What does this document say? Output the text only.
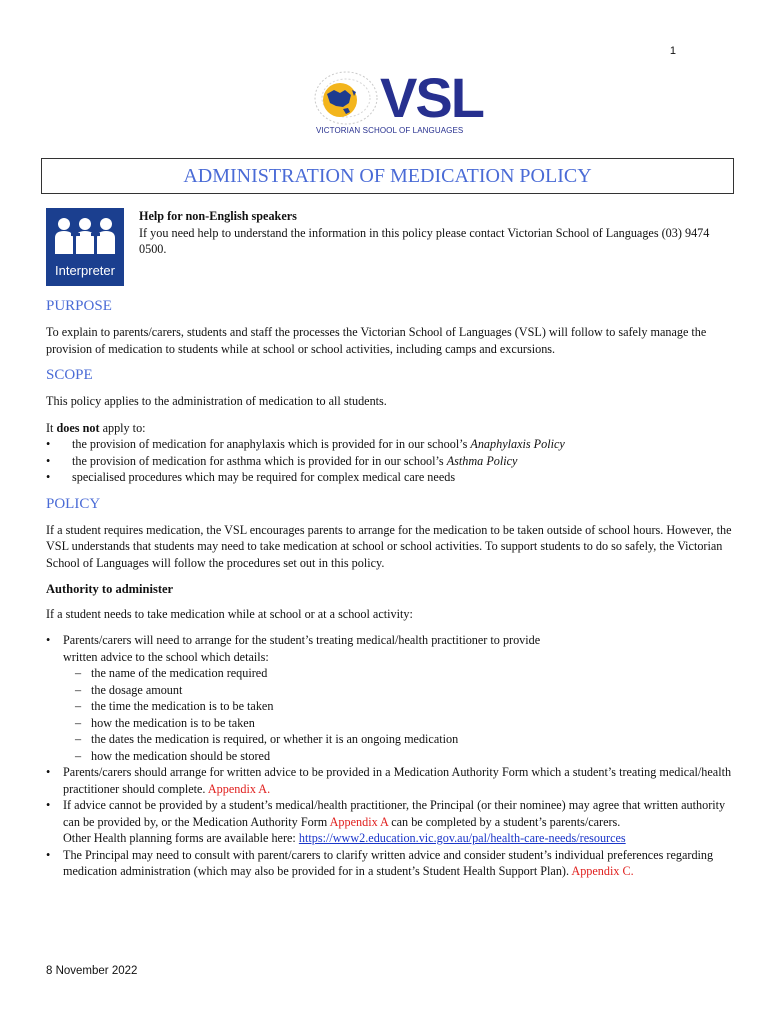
1
VSL
VICTORIAN SCHOOL OF LANGUAGES
ADMINISTRATION OF MEDICATION POLICY
Interpreter

Help for non-English speakers

If you need help to understand the information in this policy please contact Victorian School of Languages (03) 9474 0500.

PURPOSE

To explain to parents/carers, students and staff the processes the Victorian School of Languages (VSL) will follow to safely manage the provision of medication to students while at school or school activities, including camps and excursions.

SCOPE

This policy applies to the administration of medication to all students.

It does not apply to:

• the provision of medication for anaphylaxis which is provided for in our school’s Anaphylaxis Policy
• the provision of medication for asthma which is provided for in our school’s Asthma Policy
• specialised procedures which may be required for complex medical care needs
POLICY

If a student requires medication, the VSL encourages parents to arrange for the medication to be taken outside of school hours. However, the VSL understands that students may need to take medication at school or school activities. To support students to do so safely, the Victorian School of Languages will follow the procedures set out in this policy.

Authority to administer

If a student needs to take medication while at school or at a school activity:

• Parents/carers will need to arrange for the student’s treating medical/health practitioner to provide
written advice to the school which details:
– the name of the medication required
– the dosage amount
– the time the medication is to be taken
– how the medication is to be taken
– the dates the medication is required, or whether it is an ongoing medication
– how the medication should be stored
• Parents/carers should arrange for written advice to be provided in a Medication Authority Form which a student’s treating medical/health practitioner should complete. Appendix A.
• If advice cannot be provided by a student’s medical/health practitioner, the Principal (or their nominee) may agree that written authority can be provided by, or the Medication Authority Form Appendix A can be completed by a student’s parents/carers.
Other Health planning forms are available here: https://www2.education.vic.gov.au/pal/health-care-needs/resources
• The Principal may need to consult with parent/carers to clarify written advice and consider student’s individual preferences regarding medication administration (which may also be provided for in a student’s Student Health Support Plan). Appendix C.
8 November 2022
